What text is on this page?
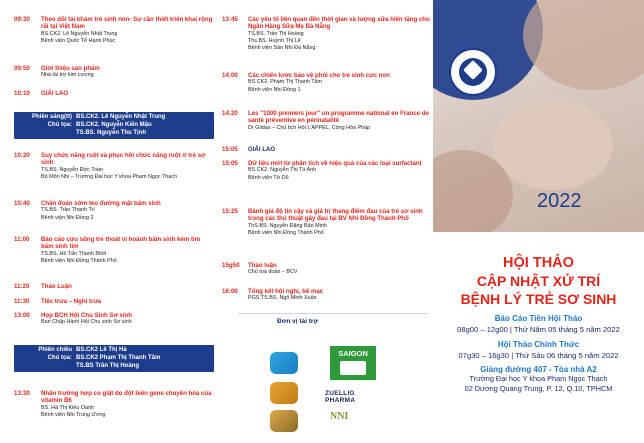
09:30	Theo dõi tái khám trẻ sinh non- Sự cần thiết triển khai rộng rãi tại Việt Nam
BS.CK2. Lê Nguyễn Nhật Trung
Bệnh viện Quốc Tế Hạnh Phúc
09:50	Giới thiệu sản phẩm
Nhà tài trợ kim cương
10:10	GIẢI LAO
Phiên sáng(tt) BS.CK2. Lê Nguyễn Nhật Trung
Chủ tọa: BS.CK2. Nguyễn Kiến Mậu
TS.BS. Nguyễn Thu Tịnh
10:20	Suy chức năng ruột và phục hồi chức năng ruột ở trẻ sơ sinh
TS.BS. Nguyễn Đức Toàn
Bộ Môn Nhi – Trường Đại học Y khoa Phạm Ngọc Thạch
10:40	Chẩn đoán sớm teo đường mật bẩm sinh
TS.BS. Trần Thanh Trí
Bệnh viện Nhi Đồng 2
11:00	Báo cáo cứu sống trẻ thoát vị hoành bẩm sinh kèm tim bẩm sinh tím
TS.BS. Hồ Tấn Thanh Bình
Bệnh viện Nhi Đồng Thành Phố
11:20	Thảo Luận
11:30	Tiệc trưa – Nghỉ trưa
13:00	Họp BCH Hội Chu Sinh Sơ sinh
Ban Chấp Hành Hội Chu sinh Sơ sinh
Phiên chiều BS.CK2 Lê Thị Hà
Chủ tọa: BS.CK2 Phạm Thị Thanh Tâm
TS.BS Trần Thị Hoàng
13:30	Nhân trường hợp co giật do đột biến gene chuyên hóa của vitamin B6
BS. Hà Thị Kiều Oanh
Bệnh viện Nhi Trung Ương
13:45	Các yếu tố liên quan đến thời gian và lượng sữa hiến tặng cho Ngân Hàng Sữa Mẹ Đà Nẵng
TS.BS. Trần Thị Hoàng
Ths.BS. Huỳnh Thị Lê
Bệnh viện Sản Nhi Đà Nẵng
14:00	Các chiến lược bảo vệ phổi cho trẻ sinh cực non
BS.CK2. Phạm Thị Thanh Tâm
Bệnh viện Nhi Đồng 1
14:20	Les "1000 premiers jour" un programme national en France de santé préventive en périnatalité
Dr Gildas – Chủ tịch Hội L'APPEL, Cộng Hòa Pháp
15:05	GIẢI LAO
15:05	Dữ liệu mới từ phân tích về hiệu quả của các loại surfactant
BS.CK2. Nguyễn Thị Tú Anh
Bệnh viện Từ Dũ
15:25	Đánh giá độ tin cậy và giá trị thang điểm đau của trẻ sơ sinh trong các thủ thuật gây đau tại BV Nhi Đồng Thành Phố
ThS.BS. Nguyễn Đặng Bảo Minh
Bệnh viện Nhi Đồng Thành Phố
15g50	Thảo luận
Chủ tọa đoàn – BCV
16:00	Tổng kết hội nghị, bế mạc
PGS.TS.BS. Ngô Minh Xuân
Đơn vị tài trợ
SAIGON
ZUELLIG PHARMA
NNI
2022
HỘI THẢO
CẬP NHẬT XỬ TRÍ
BỆNH LÝ TRẺ SƠ SINH
Báo Cáo Tiền Hội Thảo
08g00 – 12g00 | Thứ Năm 05 tháng 5 năm 2022
Hội Thảo Chính Thức
07g30 – 16g30 | Thứ Sáu 06 tháng 5 năm 2022
Giảng đường 407 - Tòa nhà A2
Trường Đại học Y khoa Phạm Ngọc Thạch
02 Dương Quang Trung, P. 12, Q.10, TPHCM
